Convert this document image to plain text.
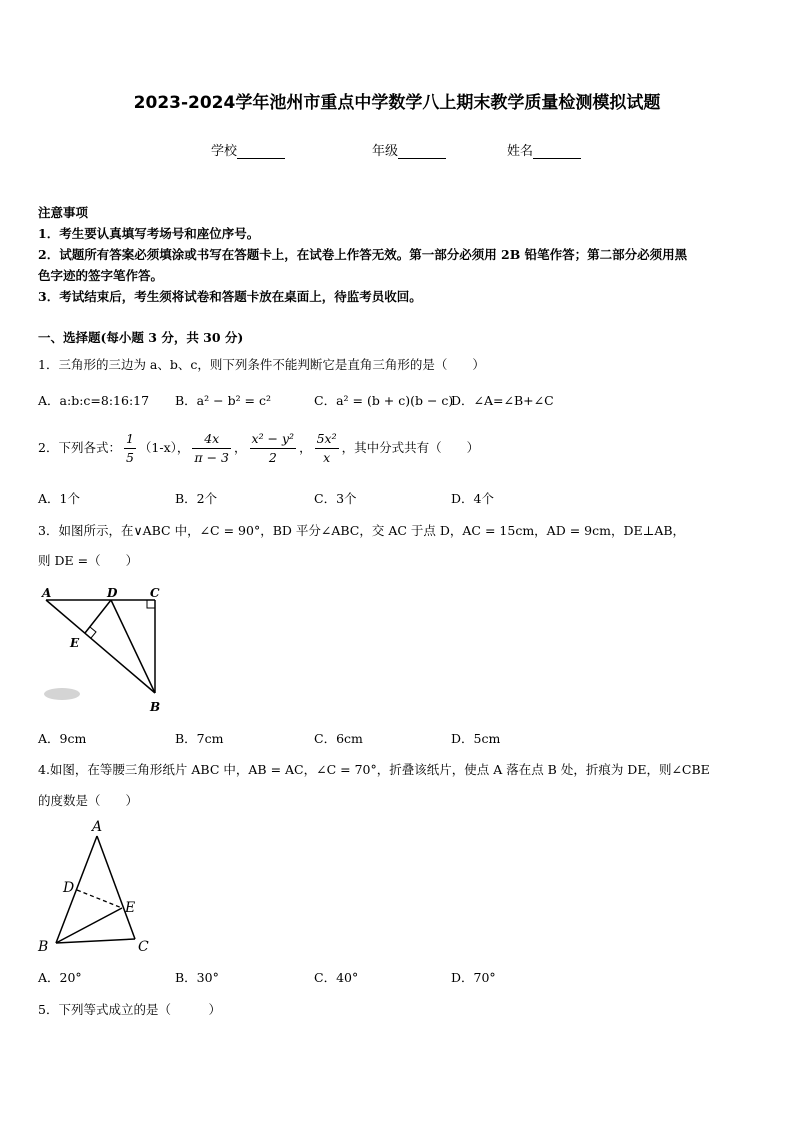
2023-2024学年池州市重点中学数学八上期末教学质量检测模拟试题
学校	年级	姓名
注意事项
1．考生要认真填写考场号和座位序号。
2．试题所有答案必须填涂或书写在答题卡上，在试卷上作答无效。第一部分必须用 2B 铅笔作答；第二部分必须用黑
色字迹的签字笔作答。
3．考试结束后，考生须将试卷和答题卡放在桌面上，待监考员收回。
一、选择题(每小题 3 分，共 30 分)
1．三角形的三边为 a、b、c，则下列条件不能判断它是直角三角形的是（　　）
A．a:b:c=8:16:17 B．a² − b² = c²	C．a² = (b + c)(b − c)
D．∠A=∠B+∠C
2．下列各式： $\frac{1}{5} (1-x)$， $\frac{4x}{\pi - 3}$ ， $\frac{\text{x² − y²}}{2}$ ， $\frac{\text{5x²}}{x}$ ，其中分式共有（　　）
A．1个	B．2个	C．3个	D．4个
3．如图所示，在∨ABC 中，∠C = 90°，BD 平分∠ABC，交 AC 于点 D，AC = 15cm，AD = 9cm，DE⊥AB，
则 DE =（　　）
A	D	C
E
B
A．9cm	B．7cm	C．6cm	D．5cm
4.如图，在等腰三角形纸片 ABC 中，AB = AC，∠C = 70°，折叠该纸片，使点 A 落在点 B 处，折痕为 DE，则∠CBE
的度数是（　　）
A
D
E
B	C
A．20°	B．30°	C．40°	D．70°
5．下列等式成立的是（　　　）
